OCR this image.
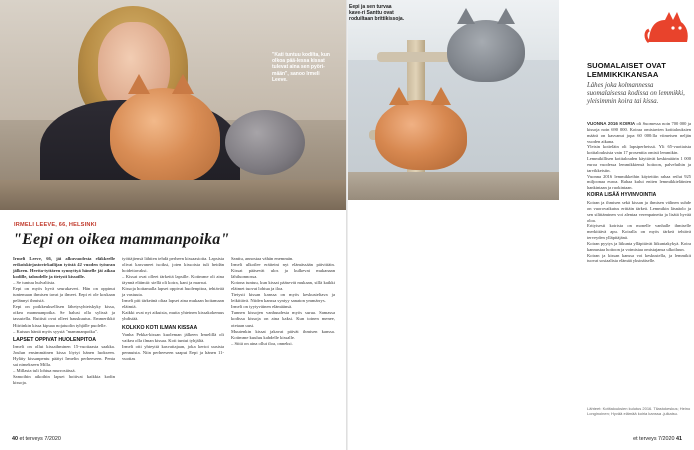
"Kati tuntuu kodilta, kun olkoa pää-lessa kissat tulevat aina sen pyöri-mään", sanoo Irmeli Leeve.
IRMELI LEEVE, 66, HELSINKI
"Eepi on oikea mammanpoika"

Irmeli Leeve, 66, jäi alkuvuodesta eläkkeelle erikoiskirjastovirkailijan työstä 42 vuoden työuran jälkeen. Hertta-tyttären synnyttyä hänelle jäi aikaa kodille, taloudelle ja tietysti kissoille.

– Se tuntuu hulvaltista.

Eepi on myös hyvä seurakaveri. Hän on oppinut tuntemaan ihmisen tavat ja ilmeet. Eepi ei ole koskaan pelännyt ihmisiä.

Eepi on poikkeuksellisen lähetysyhteiskyky kissa, oikea mammanpoika. Se halusi olla sylissä ja tassutella. Ruttisti ovat olleet hauskuutus. Emmerikkö Hiiriinkin kissa kipuaa nojatuolin tyhjälle puolelle.

– Kutsun häntä myös syystä "mammanpoika".

LAPSET OPPIVAT HUOLENPITOA

Irmeli on ollut kissaihminen 15-vuotiaasta saakka. Joulun ensimmäinen kissa löytyi hänen luokseen. Hyläty kissanpentu päätyi Irmelin perheeseen. Penta sai nimekseen Milla.

– Millasta tuli lohtua murrosiässä.

Samoihin aikoihin lapset hoitivat kaikkia kodin kissoja.

työttäjiensä lähtien tehdä perheen kissaasioita. Lapsista olivat kasvaneet isoiksi, joten kissoista tuli heidän hoidettavaksi.

– Kissat ovat olleet tärkeitä lapsille. Kotimme oli aina täynnä eläimiä: siellä oli koira, kani ja marsut.

Kissoja hoitamalla lapset oppivat huolenpitoa, tehtävää ja vastuuta.

Irmeli piti tärkeänä oltaa lapset aina mukaan hoitamaan eläimiä.

Kaikki ovat nyt aikuisia, mutta yhteinen kissakokemus yhdistää.

KOLKKO KOTI ILMAN KISSAA

Vanha Pekka-kissan kuoleman jälkeen Irmelillä oli vaikea olla ilman kissaa. Koti tuntui tyhjältä.

Irmeli otti yhteyttä kasvattajaan, joka kertoi uusista pennuista. Niin perheeseen saapui Eepi ja hänen 11-vuotias

Santtu, annostaa vähän enemmän.

Irmeli ulkoilee eräiteini nyt elämässään päivittäin. Kissat pääsevät ulos ja kulkevat mukanaan lähiluonnossa.

Kotona tuntuu, kun kissat pääsevät mukaan, sillä kaikki eläimet tuovat lohtua ja iloa.

Tietysti kissan kanssa on myös keskusteltava ja leikittävä. Niiden kanssa syntyy sanaton ymmärrys.

Irmeli on tyytyväinen elämäänsä.

Tunnen kissojen vanhuudesta myös surua. Samassa kodissa kissoja on aina kaksi. Kun toinen menee, otetaan uusi.

Muutenkin kissat jakavat päivät ihmisen kanssa. Kotimme kuuluu kahdelle kissalle.

– Siitä on aina ollut iloa, onneksi.

40 et terveys 7/2020
Eepi ja sen turvaa kave-ri Santtu ovat roduiltaan brittikissoja.
SUOMALAISET OVAT LEMMIKKIKANSAA
Lähes joka kolmannessa suomalaisessa kodissa on lemmikki, yleisimmin koira tai kissa.

VUONNA 2016 KOIRIA oli Suomessa noin 700 000 ja kissoja noin 690 000. Koiraa omistavien kotitalouksien määrä on kasvanut jopa 60 000:lla viimeisen neljän vuoden aikana.

Yleisin kotieläin oli lapsiperheissä. Yli 65-vuotiaista kotitalouksista vain 17 prosenttia omisti lemmikin.

Lemmikillisen kotitalouden käyttävät keskimäärin 1 000 euroa vuodessa lemmikkiensä hoitoon, palveluihin ja tarvikkeisiin.

Vuonna 2016 lemmikkeihin käytettiin rahaa reilut 925 miljoonaa euroa. Rahaa kului eniten lemmikkieläinten hankintaan ja ruokintaan.

KOIRA LISÄÄ HYVINVOINTIA

Koiran ja ihmisen sekä kissan ja ihmisen välinen suhde on vuorovaikutus erittäin tärkeä. Lemmikin läsnäolo ja sen silittäminen voi alentaa verenpainetta ja lisätä hyvää oloa.

Erityisesti koirista on monelle vanhalle ihmiselle merkittävä apu. Koiralla on myös tärkeä tehtävä terveyden ylläpitäjänä.

Koiran pyytys ja liikunta ylläpitävät liikuntakykyä. Koira kannustaa hoitoon ja voimistaa omistajansa ulkoiluun.

Koiran ja kissan kanssa voi keskustella, ja lemmikit tuovat sosiaalista elämää yksinäiselle.

Lähteet: Kotitalouksien kulutus 2016. Tilastokeskus; Heino Longinoinen; Hyvää elämää koiria kanssa -julkaisu.
et terveys 7/2020 41
